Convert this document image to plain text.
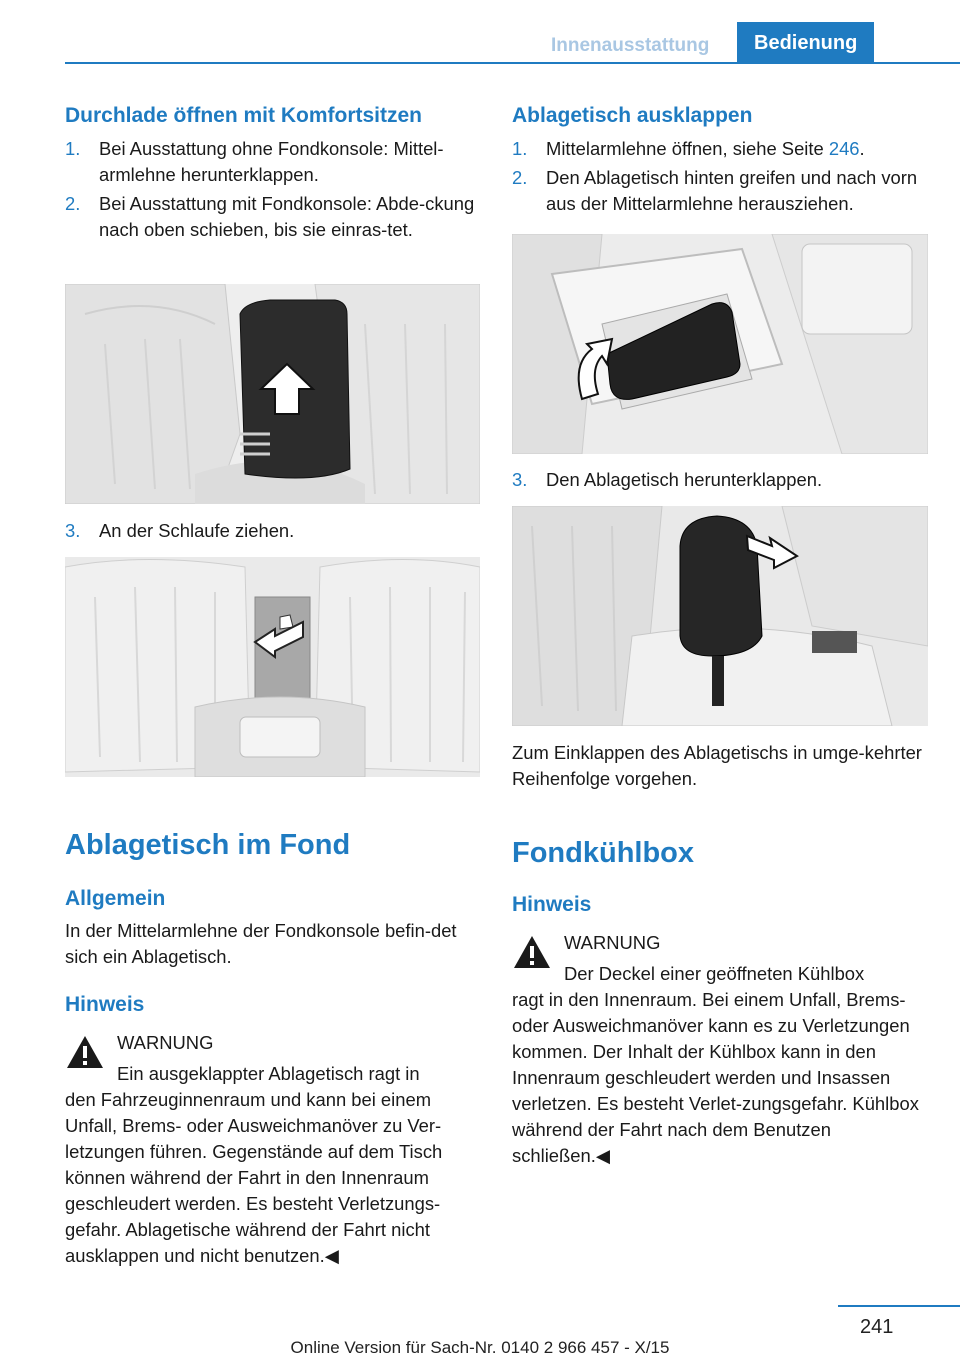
Innenausstattung	Bedienung
Durchlade öffnen mit Komfortsitzen
1. Bei Ausstattung ohne Fondkonsole: Mittel-armlehne herunterklappen.
2. Bei Ausstattung mit Fondkonsole: Abde-ckung nach oben schieben, bis sie einras-tet.
3. An der Schlaufe ziehen.
Ablagetisch im Fond
Allgemein
In der Mittelarmlehne der Fondkonsole befin-det sich ein Ablagetisch.
Hinweis
WARNUNG
Ein ausgeklappter Ablagetisch ragt in
den Fahrzeuginnenraum und kann bei einem Unfall, Brems- oder Ausweichmanöver zu Ver-letzungen führen. Gegenstände auf dem Tisch können während der Fahrt in den Innenraum geschleudert werden. Es besteht Verletzungs-gefahr. Ablagetische während der Fahrt nicht ausklappen und nicht benutzen.◀
Ablagetisch ausklappen
1. Mittelarmlehne öffnen, siehe Seite 246.
2. Den Ablagetisch hinten greifen und nach vorn aus der Mittelarmlehne herausziehen.
3. Den Ablagetisch herunterklappen.
Zum Einklappen des Ablagetischs in umge-kehrter Reihenfolge vorgehen.
Fondkühlbox
Hinweis
WARNUNG
Der Deckel einer geöffneten Kühlbox
ragt in den Innenraum. Bei einem Unfall, Brems- oder Ausweichmanöver kann es zu Verletzungen kommen. Der Inhalt der Kühlbox kann in den Innenraum geschleudert werden und Insassen verletzen. Es besteht Verlet-zungsgefahr. Kühlbox während der Fahrt nach dem Benutzen schließen.◀
241
Online Version für Sach-Nr. 0140 2 966 457 - X/15
